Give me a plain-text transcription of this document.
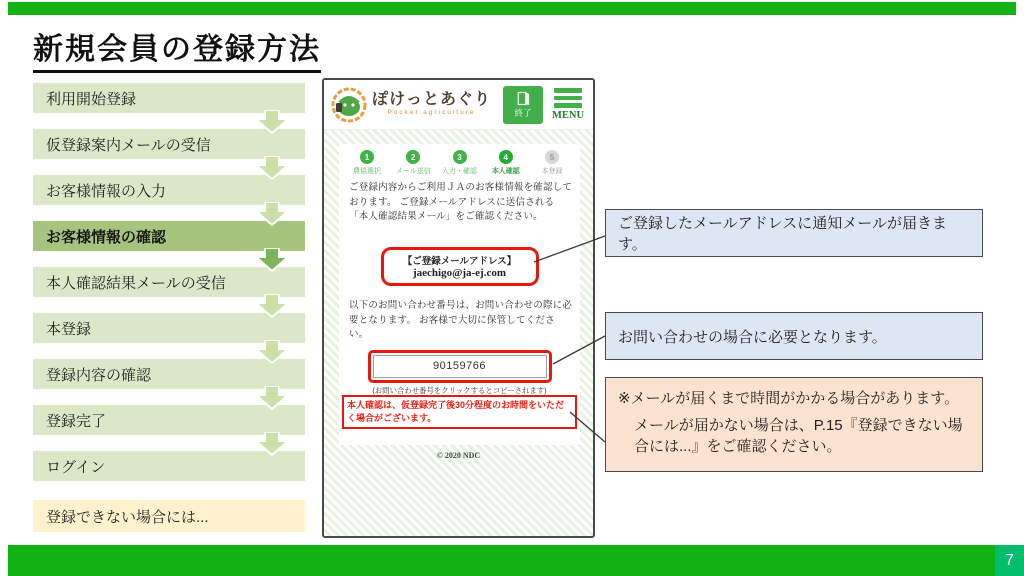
新規会員の登録方法
利用開始登録
仮登録案内メールの受信
お客様情報の入力
お客様情報の確認
本人確認結果メールの受信
本登録
登録内容の確認
登録完了
ログイン
登録できない場合には...
ぽけっとあぐり
Pocket agriculture	終了 MENU
1
農協選択
2
メール送信
3
入力・確認
4
本人確認
5
本登録
ご登録内容からご利用ＪＡのお客様情報を確認しております。 ご登録メールアドレスに送信される「本人確認結果メール」をご確認ください。
【ご登録メールアドレス】
jaechigo@ja-ej.com
以下のお問い合わせ番号は、お問い合わせの際に必要となります。 お客様で大切に保管してください。
90159766
(お問い合わせ番号をクリックするとコピーされます)
本人確認は、仮登録完了後30分程度のお時間をいただく場合がございます。
© 2020 NDC
ご登録したメールアドレスに通知メールが届きます。
お問い合わせの場合に必要となります。
※メールが届くまで時間がかかる場合があります。
メールが届かない場合は、P.15『登録できない場合には...』をご確認ください。
7
